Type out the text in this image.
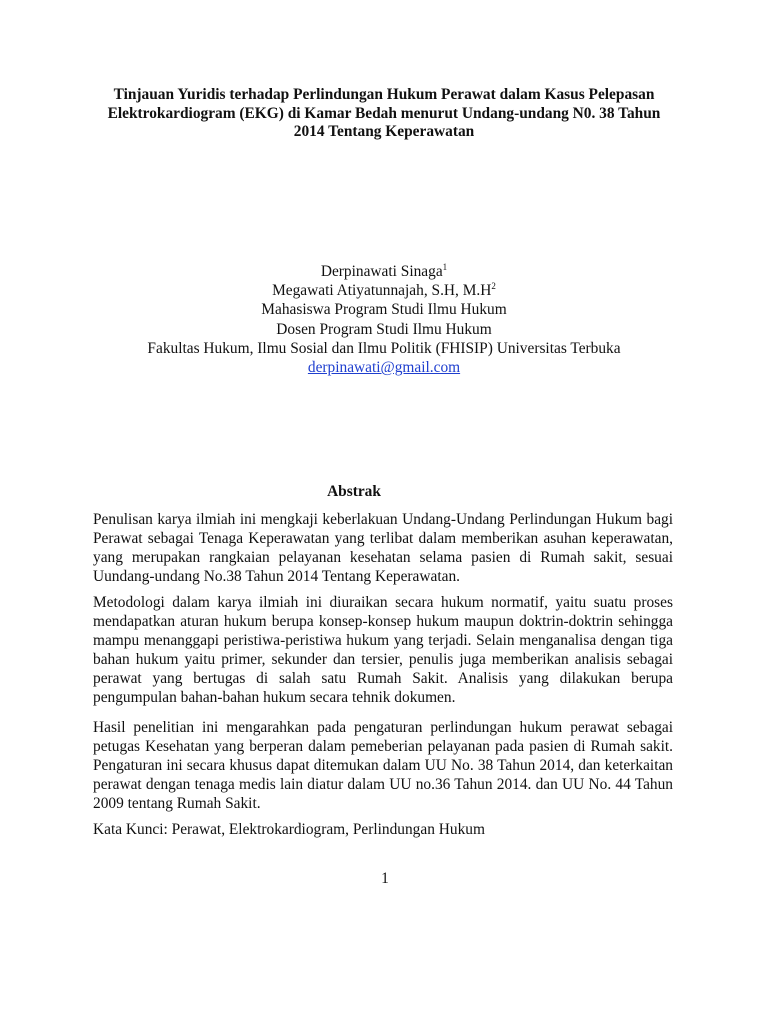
Tinjauan Yuridis terhadap Perlindungan Hukum Perawat dalam Kasus Pelepasan
Elektrokardiogram (EKG) di Kamar Bedah menurut Undang-undang N0. 38 Tahun
2014 Tentang Keperawatan
Derpinawati Sinaga$^1$
Megawati Atiyatunnajah, S.H, $M.H^2$
Mahasiswa Program Studi Ilmu Hukum
Dosen Program Studi Ilmu Hukum
Fakultas Hukum, Ilmu Sosial dan Ilmu Politik (FHISIP) Universitas Terbuka
derpinawati@gmail.com
Abstrak

Penulisan karya ilmiah ini mengkaji keberlakuan Undang-Undang Perlindungan Hukum bagi Perawat sebagai Tenaga Keperawatan yang terlibat dalam memberikan asuhan keperawatan, yang merupakan rangkaian pelayanan kesehatan selama pasien di Rumah sakit, sesuai Uundang-undang No.38 Tahun 2014 Tentang Keperawatan.

Metodologi dalam karya ilmiah ini diuraikan secara hukum normatif, yaitu suatu proses mendapatkan aturan hukum berupa konsep-konsep hukum maupun doktrin-doktrin sehingga mampu menanggapi peristiwa-peristiwa hukum yang terjadi. Selain menganalisa dengan tiga bahan hukum yaitu primer, sekunder dan tersier, penulis juga memberikan analisis sebagai perawat yang bertugas di salah satu Rumah Sakit. Analisis yang dilakukan berupa pengumpulan bahan-bahan hukum secara tehnik dokumen.

Hasil penelitian ini mengarahkan pada pengaturan perlindungan hukum perawat sebagai petugas Kesehatan yang berperan dalam pemeberian pelayanan pada pasien di Rumah sakit. Pengaturan ini secara khusus dapat ditemukan dalam UU No. 38 Tahun 2014, dan keterkaitan perawat dengan tenaga medis lain diatur dalam UU no.36 Tahun 2014. dan UU No. 44 Tahun 2009 tentang Rumah Sakit.

Kata Kunci: Perawat, Elektrokardiogram, Perlindungan Hukum

1
